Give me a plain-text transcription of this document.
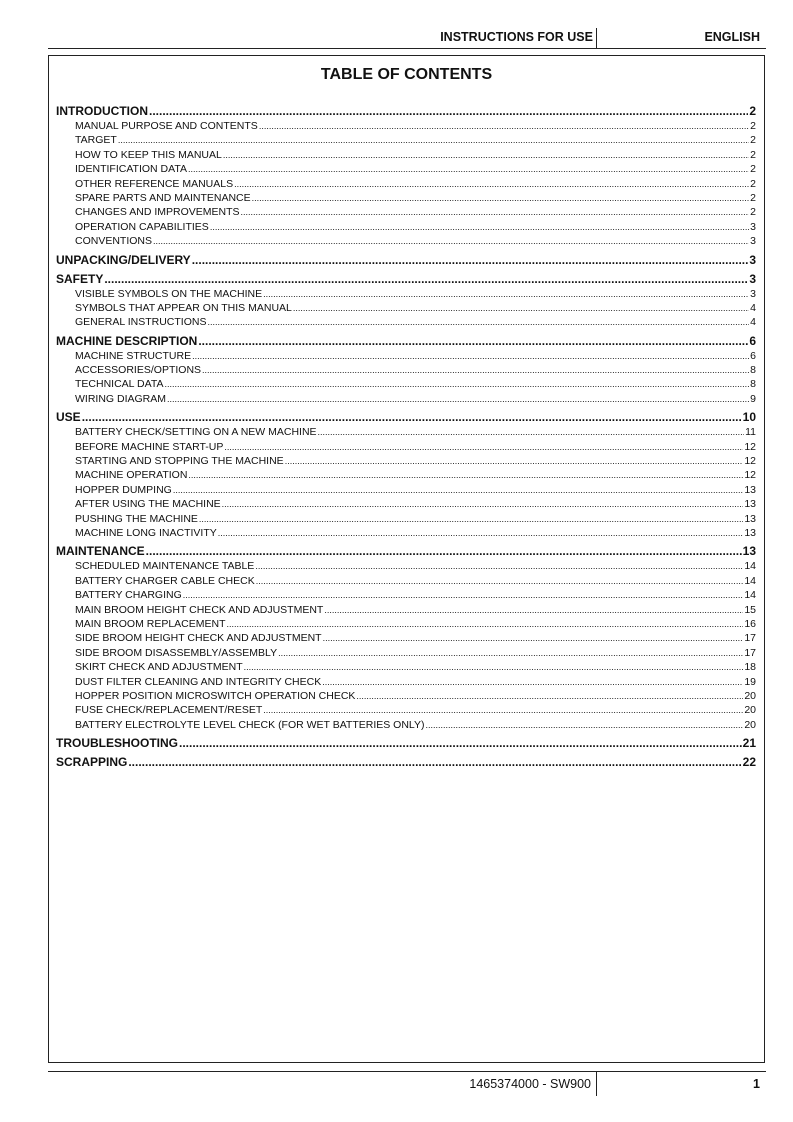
INSTRUCTIONS FOR USE	ENGLISH
TABLE OF CONTENTS
INTRODUCTION .....	2
MANUAL PURPOSE AND CONTENTS .....	2
TARGET .....	2
HOW TO KEEP THIS MANUAL .....	2
IDENTIFICATION DATA .....	2
OTHER REFERENCE MANUALS .....	2
SPARE PARTS AND MAINTENANCE .....	2
CHANGES AND IMPROVEMENTS .....	2
OPERATION CAPABILITIES .....	3
CONVENTIONS .....	3
UNPACKING/DELIVERY .....	3
SAFETY .....	3
VISIBLE SYMBOLS ON THE MACHINE .....	3
SYMBOLS THAT APPEAR ON THIS MANUAL .....	4
GENERAL INSTRUCTIONS .....	4
MACHINE DESCRIPTION .....	6
MACHINE STRUCTURE .....	6
ACCESSORIES/OPTIONS .....	8
TECHNICAL DATA .....	8
WIRING DIAGRAM .....	9
USE .....	10
BATTERY CHECK/SETTING ON A NEW MACHINE .....	11
BEFORE MACHINE START-UP .....	12
STARTING AND STOPPING THE MACHINE .....	12
MACHINE OPERATION .....	12
HOPPER DUMPING .....	13
AFTER USING THE MACHINE .....	13
PUSHING THE MACHINE .....	13
MACHINE LONG INACTIVITY .....	13
MAINTENANCE .....	13
SCHEDULED MAINTENANCE TABLE .....	14
BATTERY CHARGER CABLE CHECK .....	14
BATTERY CHARGING .....	14
MAIN BROOM HEIGHT CHECK AND ADJUSTMENT .....	15
MAIN BROOM REPLACEMENT .....	16
SIDE BROOM HEIGHT CHECK AND ADJUSTMENT .....	17
SIDE BROOM DISASSEMBLY/ASSEMBLY .....	17
SKIRT CHECK AND ADJUSTMENT .....	18
DUST FILTER CLEANING AND INTEGRITY CHECK .....	19
HOPPER POSITION MICROSWITCH OPERATION CHECK .....	20
FUSE CHECK/REPLACEMENT/RESET .....	20
BATTERY ELECTROLYTE LEVEL CHECK (FOR WET BATTERIES ONLY) .....	20
TROUBLESHOOTING .....	21
SCRAPPING .....	22
1465374000 - SW900	1
